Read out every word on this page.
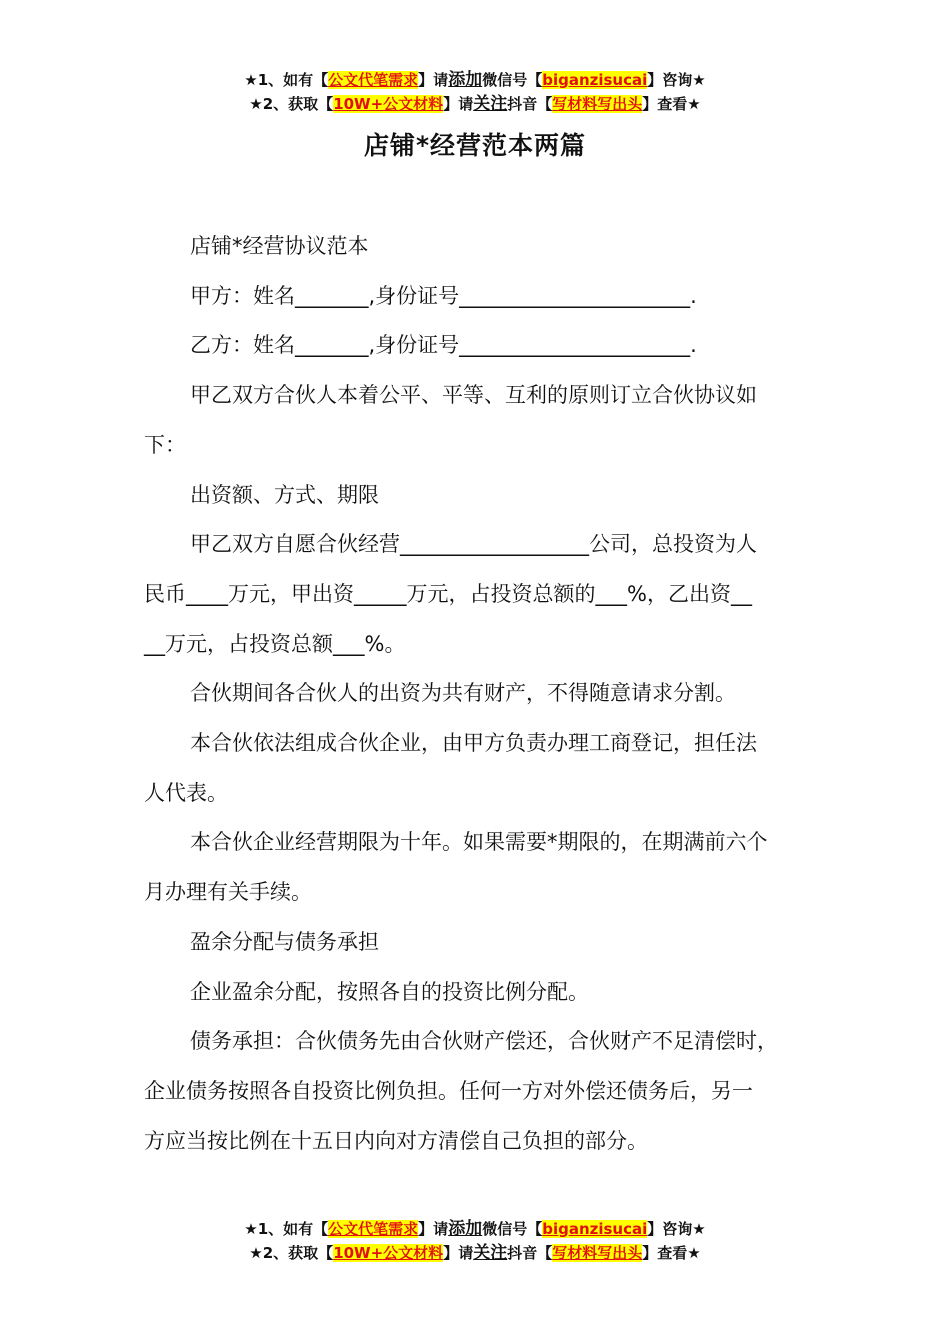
★1、如有【公文代笔需求】请添加微信号【biganzisucai】咨询★
★2、获取【10W+公文材料】请关注抖音【写材料写出头】查看★
店铺*经营范本两篇

店铺*经营协议范本

甲方：姓名_______,身份证号______________________.

乙方：姓名_______,身份证号______________________.

甲乙双方合伙人本着公平、平等、互利的原则订立合伙协议如

下：

出资额、方式、期限

甲乙双方自愿合伙经营__________________公司，总投资为人

民币____万元，甲出资_____万元，占投资总额的___%，乙出资__

__万元，占投资总额___%。

合伙期间各合伙人的出资为共有财产，不得随意请求分割。

本合伙依法组成合伙企业，由甲方负责办理工商登记，担任法

人代表。

本合伙企业经营期限为十年。如果需要*期限的，在期满前六个

月办理有关手续。

盈余分配与债务承担

企业盈余分配，按照各自的投资比例分配。

债务承担：合伙债务先由合伙财产偿还，合伙财产不足清偿时，

企业债务按照各自投资比例负担。任何一方对外偿还债务后，另一

方应当按比例在十五日内向对方清偿自己负担的部分。

★1、如有【公文代笔需求】请添加微信号【biganzisucai】咨询★
★2、获取【10W+公文材料】请关注抖音【写材料写出头】查看★
